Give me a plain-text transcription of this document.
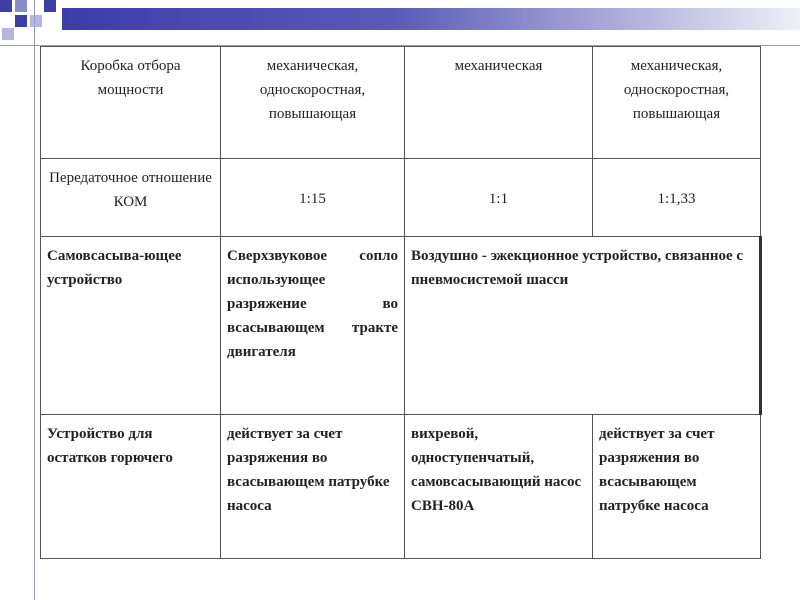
Коробка отбора мощности	механическая, односкоростная, повышающая	механическая	механическая, односкоростная, повышающая
Передаточное отношение КОМ	1:15	1:1	1:1,33
Самовсасыва-ющее устройство	Сверхзвуковое сопло использующее разряжение во всасывающем тракте двигателя	Воздушно - эжекционное устройство, связанное с пневмосистемой шасси	
Устройство для остатков горючего	действует за счет разряжения во всасывающем патрубке насоса	вихревой, одноступенчатый, самовсасывающий насос СВН-80А	действует за счет разряжения во всасывающем патрубке насоса
